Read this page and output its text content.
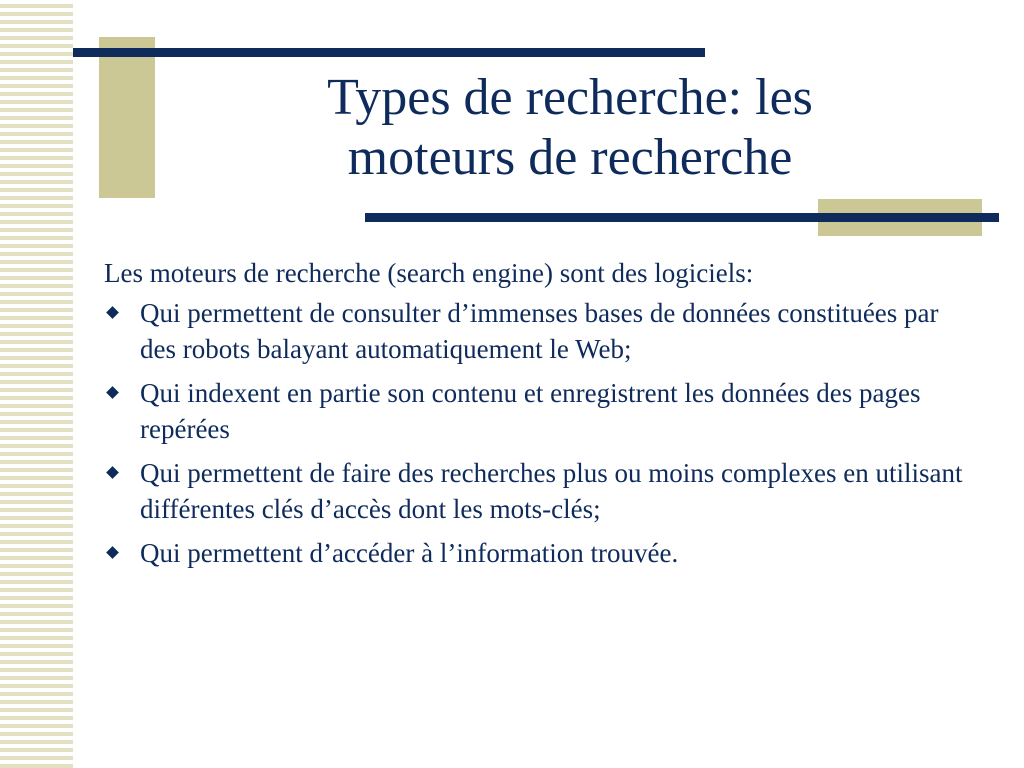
Types de recherche: les
moteurs de recherche

Les moteurs de recherche (search engine) sont des logiciels:

Qui permettent de consulter d’immenses bases de données constituées par des robots balayant automatiquement le Web;
Qui indexent en partie son contenu et enregistrent les données des pages repérées
Qui permettent de faire des recherches plus ou moins complexes en utilisant différentes clés d’accès dont les mots-clés;
Qui permettent d’accéder à l’information trouvée.
